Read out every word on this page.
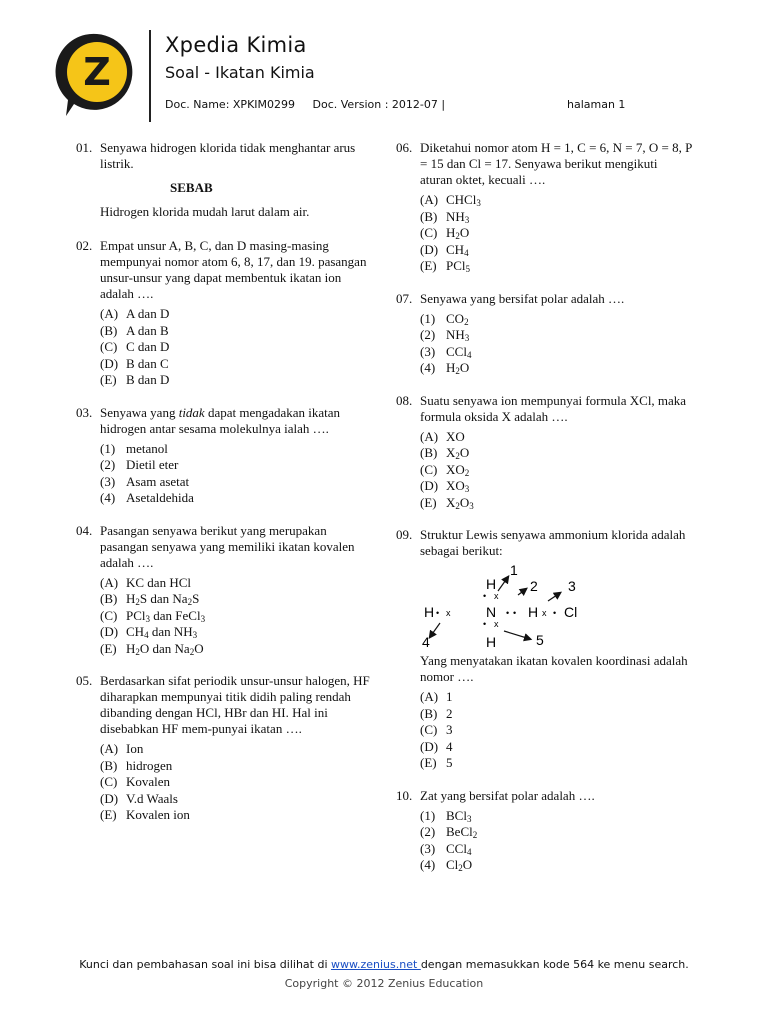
Z
Xpedia Kimia
Soal - Ikatan Kimia
Doc. Name: XPKIM0299 Doc. Version : 2012-07 |	halaman 1
01. Senyawa hidrogen klorida tidak menghantar arus listrik.

SEBAB

Hidrogen klorida mudah larut dalam air.

02. Empat unsur A, B, C, dan D masing-masing mempunyai nomor atom 6, 8, 17, dan 19. pasangan unsur-unsur yang dapat membentuk ikatan ion adalah ….

(A) A dan D
(B) A dan B
(C) C dan D
(D) B dan C
(E) B dan D
03. Senyawa yang tidak dapat mengadakan ikatan hidrogen antar sesama molekulnya ialah ….

(1) metanol
(2) Dietil eter
(3) Asam asetat
(4) Asetaldehida
04. Pasangan senyawa berikut yang merupakan pasangan senyawa yang memiliki ikatan kovalen adalah ….

(A) KC dan HCl
(B) $H_2S$ dan $Na_2S$
(C) PCl$_3$ dan FeCl$_3$
(D) $CH_4$ dan $NH_3$
(E) $H_2O$ dan $Na_2O$
05. Berdasarkan sifat periodik unsur-unsur halogen, HF diharapkan mempunyai titik didih paling rendah dibanding dengan HCl, HBr dan HI. Hal ini disebabkan HF mem-punyai ikatan ….

(A) Ion
(B) hidrogen
(C) Kovalen
(D) V.d Waals
(E) Kovalen ion
06. Diketahui nomor atom H = 1, C = 6, N = 7, O = 8, P = 15 dan Cl = 17. Senyawa berikut mengikuti aturan oktet, kecuali ….

(A) CHCl$_3$
(B) $NH_3$
(C) $H_2O$
(D) $CH_4$
(E) PCl$_5$
07. Senyawa yang bersifat polar adalah ….

(1) $CO_2$
(2) $NH_3$
(3) CCl$_4$
(4) $H_2O$
08. Suatu senyawa ion mempunyai formula XCl, maka formula oksida X adalah ….

(A) XO
(B) $X_2O$
(C) $XO_2$
(D) $XO_3$
(E) $X_2O_3$
09. Struktur Lewis senyawa ammonium klorida adalah sebagai berikut:

H
H	N H Cl
H
• x
• x	• •	x •
• x
1
2 3
4	5

Yang menyatakan ikatan kovalen koordinasi adalah nomor ….

(A) 1
(B) 2
(C) 3
(D) 4
(E) 5
10. Zat yang bersifat polar adalah ….

(1) BCl$_3$
(2) BeCl$_2$
(3) CCl$_4$
(4) $Cl_2O$
Kunci dan pembahasan soal ini bisa dilihat di www.zenius.net dengan memasukkan kode 564 ke menu search.
Copyright © 2012 Zenius Education
